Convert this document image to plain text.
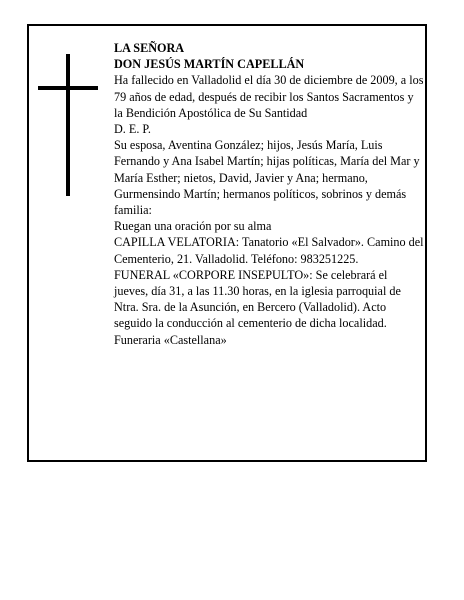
LA SEÑORA

DON JESÚS MARTÍN CAPELLÁN

Ha fallecido en Valladolid el día 30 de diciembre de 2009, a los 79 años de edad, después de recibir los Santos Sacramentos y la Bendición Apostólica de Su Santidad

D. E. P.

Su esposa, Aventina González; hijos, Jesús María, Luis Fernando y Ana Isabel Martín; hijas políticas, María del Mar y María Esther; nietos, David, Javier y Ana; hermano, Gurmensindo Martín; hermanos políticos, sobrinos y demás familia:

Ruegan una oración por su alma

CAPILLA VELATORIA: Tanatorio «El Salvador». Camino del Cementerio, 21. Valladolid. Teléfono: 983251225.

FUNERAL «CORPORE INSEPULTO»: Se celebrará el jueves, día 31, a las 11.30 horas, en la iglesia parroquial de Ntra. Sra. de la Asunción, en Bercero (Valladolid). Acto seguido la conducción al cementerio de dicha localidad.

Funeraria «Castellana»
